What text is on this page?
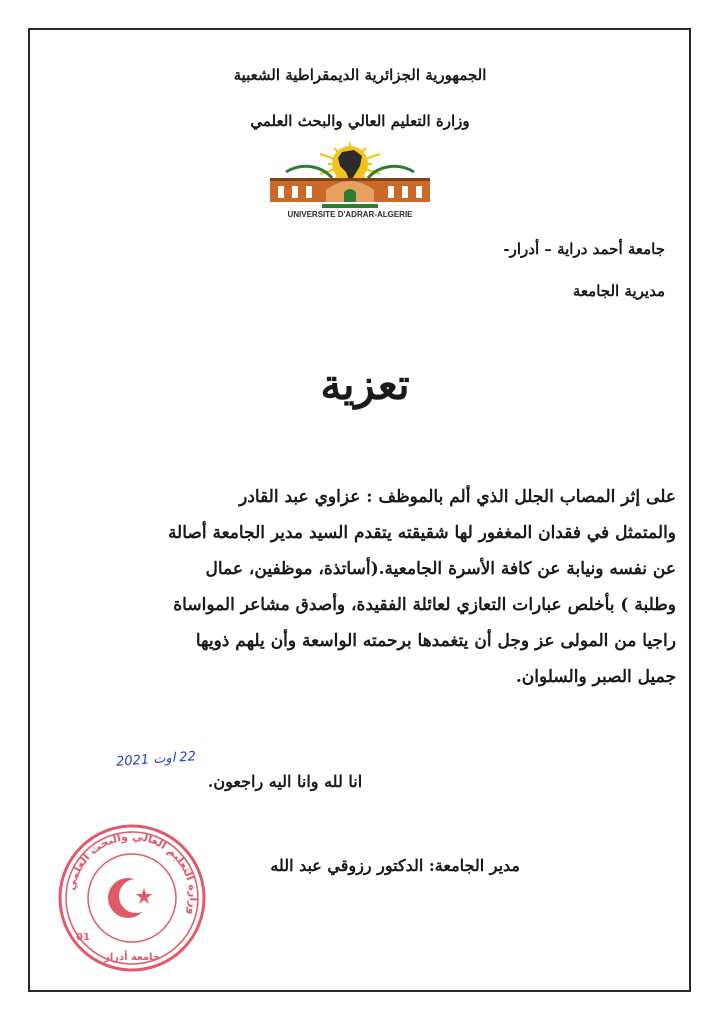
الجمهورية الجزائرية الديمقراطية الشعبية
وزارة التعليم العالي والبحث العلمي
UNIVERSITE D'ADRAR-ALGERIE
جامعة أحمد دراية – أدرار-
مديرية الجامعة
تعزية
على إثر المصاب الجلل الذي ألم بالموظف : عزاوي عبد القادر
والمتمثل في فقدان المغفور لها شقيقته يتقدم السيد مدير الجامعة أصالة
عن نفسه ونيابة عن كافة الأسرة الجامعية.(أساتذة، موظفين، عمال
وطلبة ) بأخلص عبارات التعازي لعائلة الفقيدة، وأصدق مشاعر المواساة
راجيا من المولى عز وجل أن يتغمدها برحمته الواسعة وأن يلهم ذويها
جميل الصبر والسلوان.
22 اوت 2021
انا لله وانا اليه راجعون.
مدير الجامعة: الدكتور رزوقي عبد الله
وزارة التعليم العالي والبحث العلمي
01
جامعة أدرار
